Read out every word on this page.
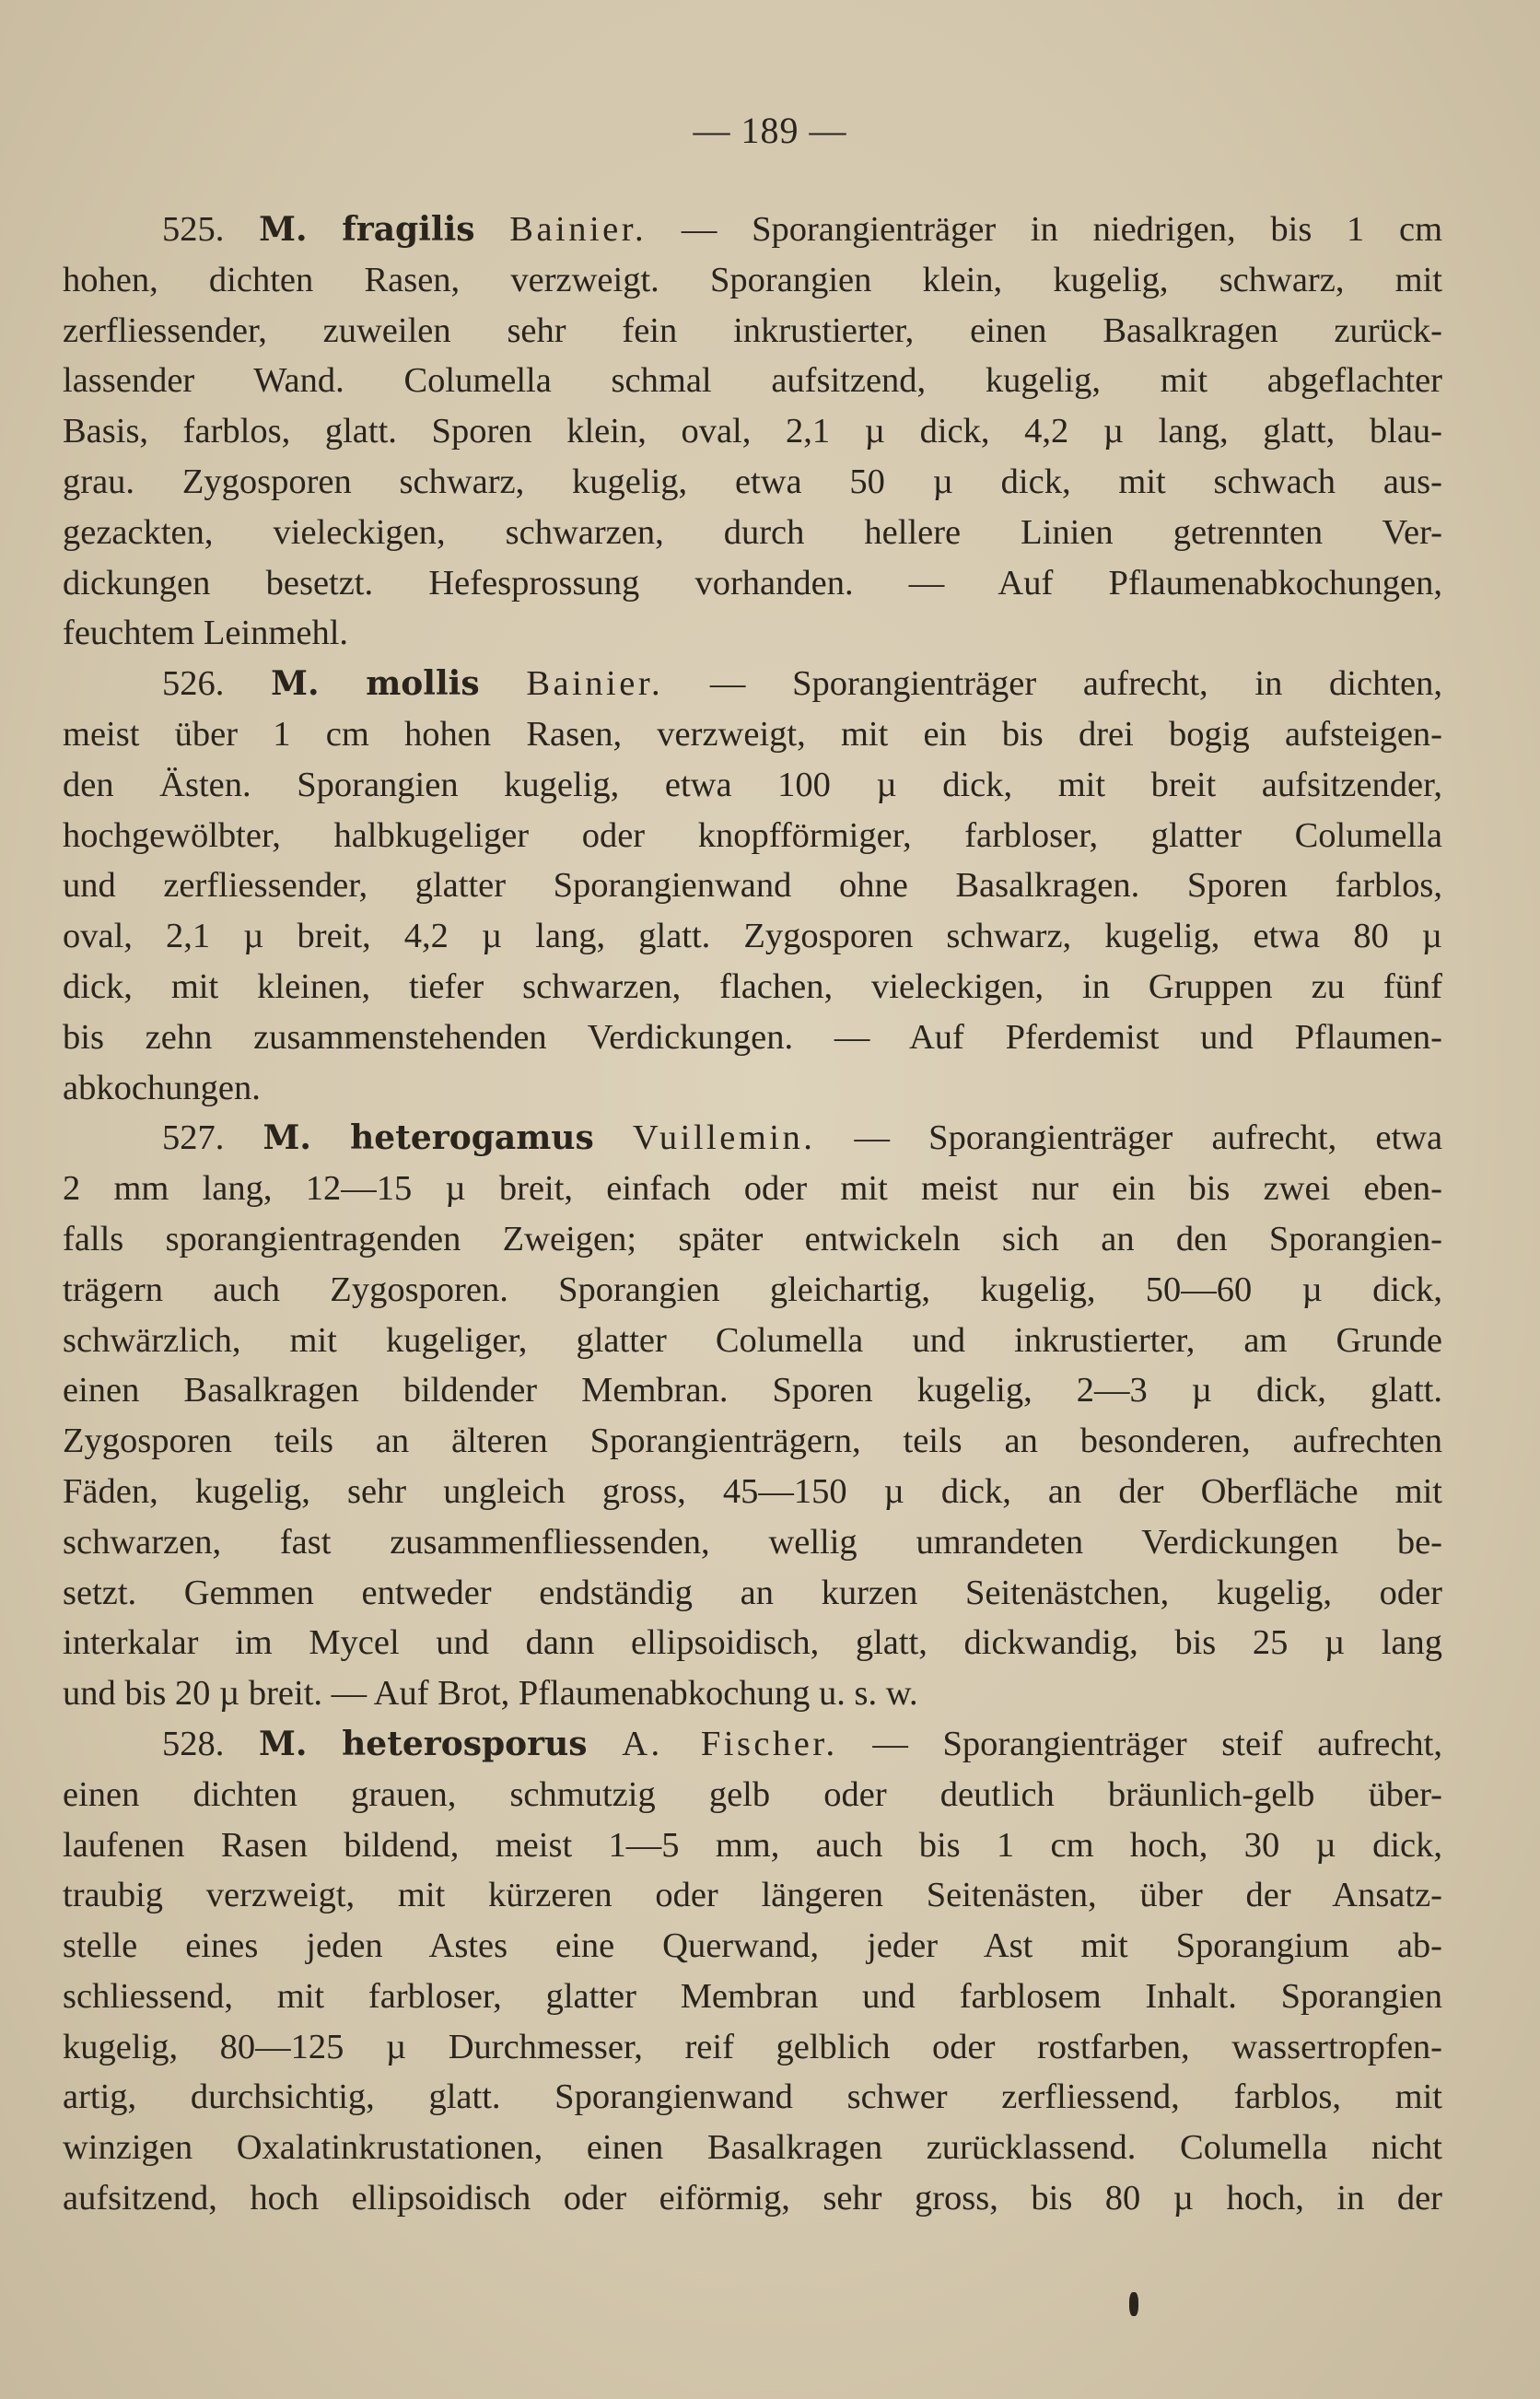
— 189 —
525. M. fragilis Bainier. — Sporangienträger in niedrigen, bis 1 cm
hohen, dichten Rasen, verzweigt. Sporangien klein, kugelig, schwarz, mit
zerfliessender, zuweilen sehr fein inkrustierter, einen Basalkragen zurück-
lassender Wand. Columella schmal aufsitzend, kugelig, mit abgeflachter
Basis, farblos, glatt. Sporen klein, oval, 2,1 µ dick, 4,2 µ lang, glatt, blau-
grau. Zygosporen schwarz, kugelig, etwa 50 µ dick, mit schwach aus-
gezackten, vieleckigen, schwarzen, durch hellere Linien getrennten Ver-
dickungen besetzt. Hefesprossung vorhanden. — Auf Pflaumenabkochungen,
feuchtem Leinmehl.
526. M. mollis Bainier. — Sporangienträger aufrecht, in dichten,
meist über 1 cm hohen Rasen, verzweigt, mit ein bis drei bogig aufsteigen-
den Ästen. Sporangien kugelig, etwa 100 µ dick, mit breit aufsitzender,
hochgewölbter, halbkugeliger oder knopfförmiger, farbloser, glatter Columella
und zerfliessender, glatter Sporangienwand ohne Basalkragen. Sporen farblos,
oval, 2,1 µ breit, 4,2 µ lang, glatt. Zygosporen schwarz, kugelig, etwa 80 µ
dick, mit kleinen, tiefer schwarzen, flachen, vieleckigen, in Gruppen zu fünf
bis zehn zusammenstehenden Verdickungen. — Auf Pferdemist und Pflaumen-
abkochungen.
527. M. heterogamus Vuillemin. — Sporangienträger aufrecht, etwa
2 mm lang, 12—15 µ breit, einfach oder mit meist nur ein bis zwei eben-
falls sporangientragenden Zweigen; später entwickeln sich an den Sporangien-
trägern auch Zygosporen. Sporangien gleichartig, kugelig, 50—60 µ dick,
schwärzlich, mit kugeliger, glatter Columella und inkrustierter, am Grunde
einen Basalkragen bildender Membran. Sporen kugelig, 2—3 µ dick, glatt.
Zygosporen teils an älteren Sporangienträgern, teils an besonderen, aufrechten
Fäden, kugelig, sehr ungleich gross, 45—150 µ dick, an der Oberfläche mit
schwarzen, fast zusammenfliessenden, wellig umrandeten Verdickungen be-
setzt. Gemmen entweder endständig an kurzen Seitenästchen, kugelig, oder
interkalar im Mycel und dann ellipsoidisch, glatt, dickwandig, bis 25 µ lang
und bis 20 µ breit. — Auf Brot, Pflaumenabkochung u. s. w.
528. M. heterosporus A. Fischer. — Sporangienträger steif aufrecht,
einen dichten grauen, schmutzig gelb oder deutlich bräunlich-gelb über-
laufenen Rasen bildend, meist 1—5 mm, auch bis 1 cm hoch, 30 µ dick,
traubig verzweigt, mit kürzeren oder längeren Seitenästen, über der Ansatz-
stelle eines jeden Astes eine Querwand, jeder Ast mit Sporangium ab-
schliessend, mit farbloser, glatter Membran und farblosem Inhalt. Sporangien
kugelig, 80—125 µ Durchmesser, reif gelblich oder rostfarben, wassertropfen-
artig, durchsichtig, glatt. Sporangienwand schwer zerfliessend, farblos, mit
winzigen Oxalatinkrustationen, einen Basalkragen zurücklassend. Columella nicht
aufsitzend, hoch ellipsoidisch oder eiförmig, sehr gross, bis 80 µ hoch, in der
